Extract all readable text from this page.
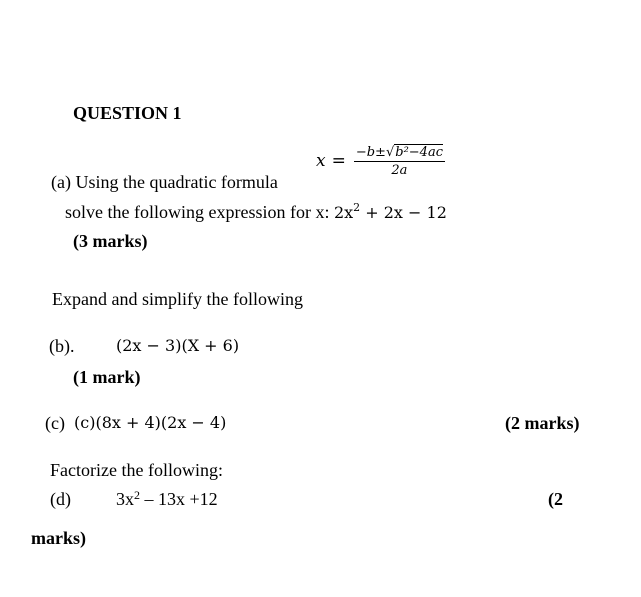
QUESTION 1
$x = \frac{\text{−b±√b²−4ac}}{2a}$
(a) Using the quadratic formula
solve the following expression for x: $2x^2 + 2x - 12$
(3 marks)
Expand and simplify the following
(b).	(2x − 3)(X + 6)
(1 mark)
(c) (c)(8x + 4)(2x − 4)	(2 marks)
Factorize the following:
(d)	$3x^2 - 13x +12$	(2
marks)
